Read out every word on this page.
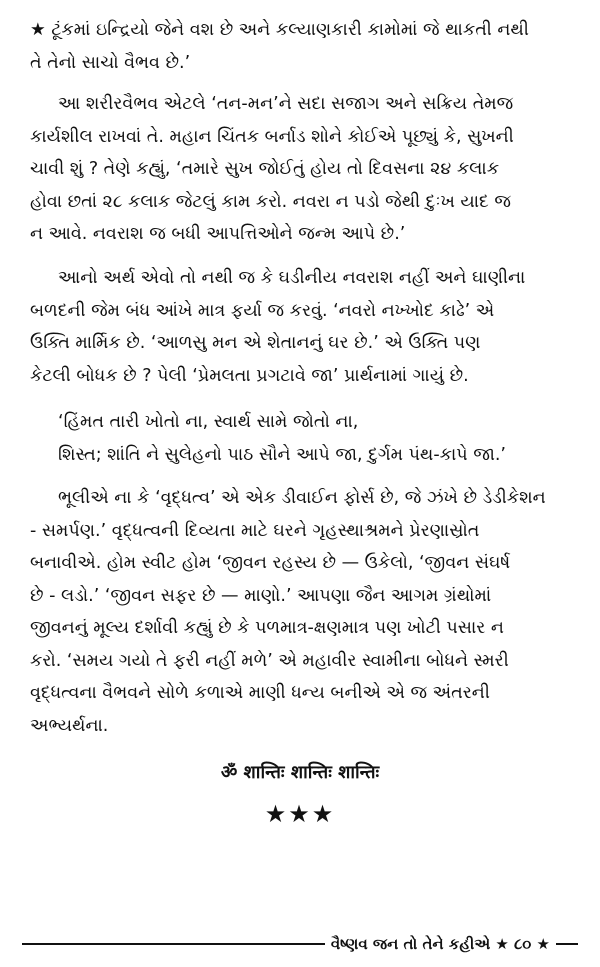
★ ટૂંકમાં ઇન્દ્રિયો જેને વશ છે અને કલ્યાણકારી કામોમાં જે થાકતી નથી
તે તેનો સાચો વૈભવ છે.’

આ શરીરવૈભવ એટલે ‘તન-મન’ને સદા સજાગ અને સક્રિય તેમજ
કાર્યશીલ રાખવાં તે. મહાન ચિંતક બર્નાડ શોને કોઈએ પૂછ્યું કે, સુખની
ચાવી શું ? તેણે કહ્યું, ‘તમારે સુખ જોઈતું હોય તો દિવસના ૨૪ કલાક
હોવા છતાં ૨૮ કલાક જેટલું કામ કરો. નવરા ન પડો જેથી દુઃખ યાદ જ
ન આવે. નવરાશ જ બધી આપત્તિઓને જન્મ આપે છે.’

આનો અર્થ એવો તો નથી જ કે ઘડીનીય નવરાશ નહીં અને ઘાણીના
બળદની જેમ બંધ આંખે માત્ર ફર્યા જ કરવું. ‘નવરો નખ્ખોદ કાઢે’ એ
ઉક્તિ માર્મિક છે. ‘આળસુ મન એ શેતાનનું ઘર છે.’ એ ઉક્તિ પણ
કેટલી બોધક છે ? પેલી ‘પ્રેમલતા પ્રગટાવે જા’ પ્રાર્થનામાં ગાયું છે.

‘હિંમત તારી ખોતો ના, સ્વાર્થ સામે જોતો ના,
શિસ્ત; શાંતિ ને સુલેહનો પાઠ સૌને આપે જા, દુર્ગમ પંથ-કાપે જા.’

ભૂલીએ ના કે ‘વૃદ્ધત્વ’ એ એક ડીવાઈન ફોર્સ છે, જે ઝંખે છે ડેડીકેશન
- સમર્પણ.’ વૃદ્ધત્વની દિવ્યતા માટે ઘરને ગૃહસ્થાશ્રમને પ્રેરણાસ્રોત
બનાવીએ. હોમ સ્વીટ હોમ ‘જીવન રહસ્ય છે — ઉકેલો, ‘જીવન સંઘર્ષ
છે - લડો.’ ‘જીવન સફર છે — માણો.’ આપણા જૈન આગમ ગ્રંથોમાં
જીવનનું મૂલ્ય દર્શાવી કહ્યું છે કે પળમાત્ર-ક્ષણમાત્ર પણ ખોટી પસાર ન
કરો. ‘સમય ગયો તે ફરી નહીં મળે’ એ મહાવીર સ્વામીના બોધને સ્મરી
વૃદ્ધત્વના વૈભવને સોળે કળાએ માણી ધન્ય બનીએ એ જ અંતરની
અભ્યર્થના.

ॐ शान्तिः शान्तिः शान्तिः
★★★
વૈષ્ણવ જન તો તેને કહીએ ★ ૮૦ ★
